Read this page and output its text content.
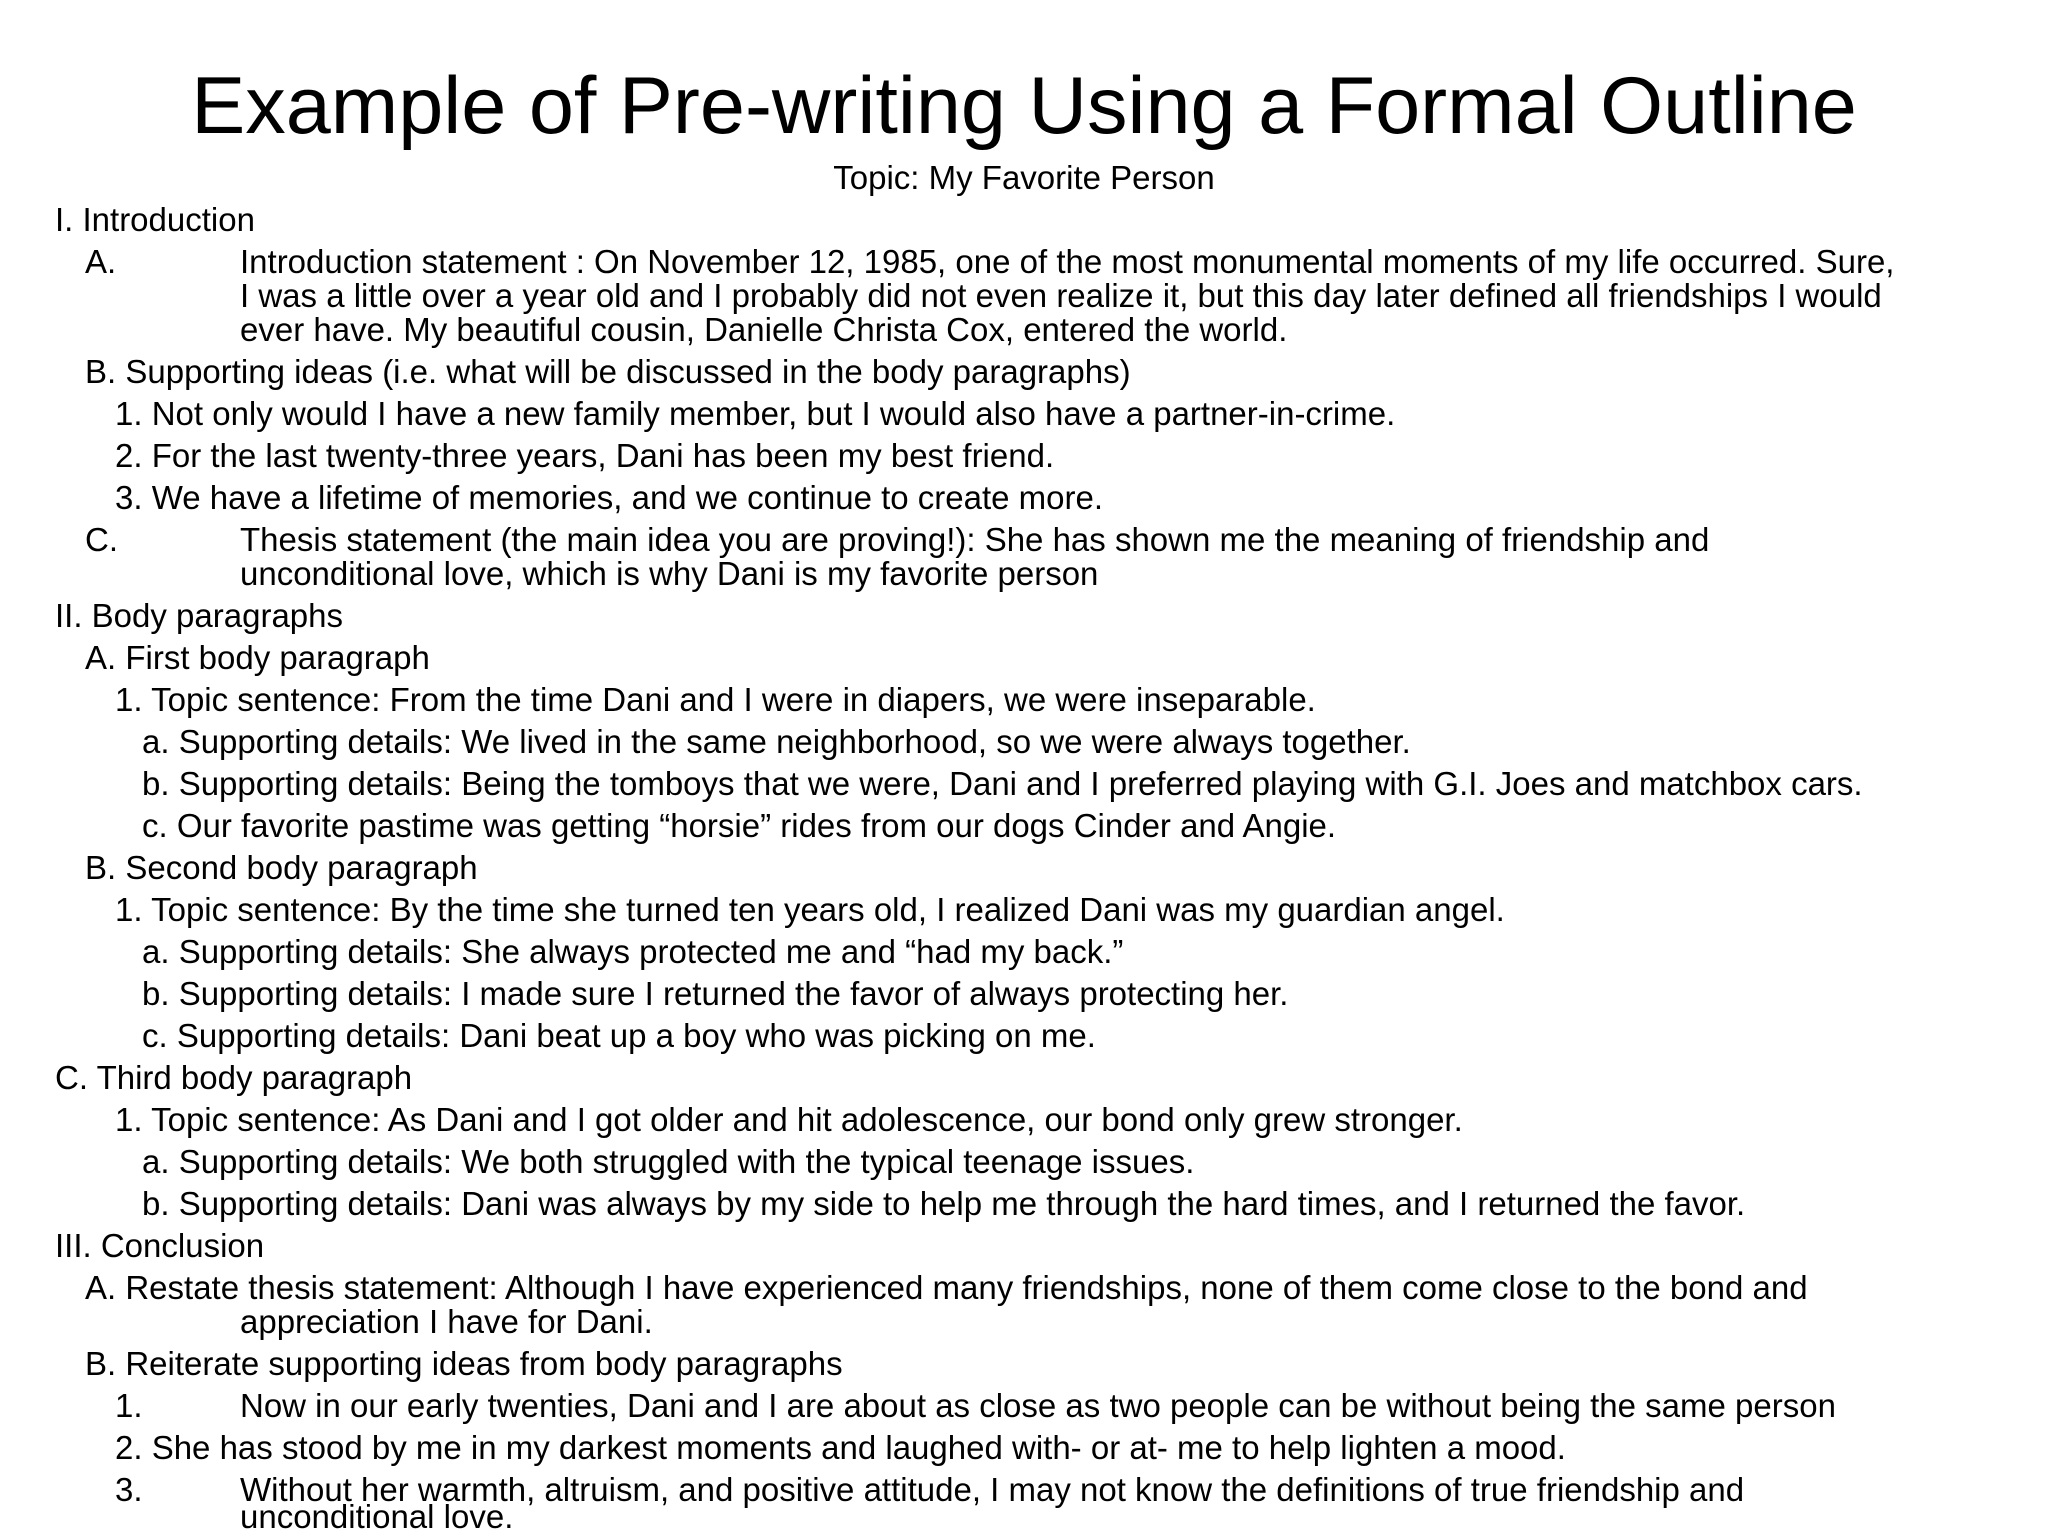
Example of Pre-writing Using a Formal Outline
Topic: My Favorite Person
I. Introduction
A.	Introduction statement : On November 12, 1985, one of the most monumental moments of my life occurred. Sure,
I was a little over a year old and I probably did not even realize it, but this day later defined all friendships I would
ever have. My beautiful cousin, Danielle Christa Cox, entered the world.
B. Supporting ideas (i.e. what will be discussed in the body paragraphs)
1. Not only would I have a new family member, but I would also have a partner-in-crime.
2. For the last twenty-three years, Dani has been my best friend.
3. We have a lifetime of memories, and we continue to create more.
C.	Thesis statement (the main idea you are proving!): She has shown me the meaning of friendship and
unconditional love, which is why Dani is my favorite person
II. Body paragraphs
A. First body paragraph
1. Topic sentence: From the time Dani and I were in diapers, we were inseparable.
a. Supporting details: We lived in the same neighborhood, so we were always together.
b. Supporting details: Being the tomboys that we were, Dani and I preferred playing with G.I. Joes and matchbox cars.
c. Our favorite pastime was getting “horsie” rides from our dogs Cinder and Angie.
B. Second body paragraph
1. Topic sentence: By the time she turned ten years old, I realized Dani was my guardian angel.
a. Supporting details: She always protected me and “had my back.”
b. Supporting details: I made sure I returned the favor of always protecting her.
c. Supporting details: Dani beat up a boy who was picking on me.
C. Third body paragraph
1. Topic sentence: As Dani and I got older and hit adolescence, our bond only grew stronger.
a. Supporting details: We both struggled with the typical teenage issues.
b. Supporting details: Dani was always by my side to help me through the hard times, and I returned the favor.
III. Conclusion
A. Restate thesis statement: Although I have experienced many friendships, none of them come close to the bond and
appreciation I have for Dani.
B. Reiterate supporting ideas from body paragraphs
1.	Now in our early twenties, Dani and I are about as close as two people can be without being the same person
2. She has stood by me in my darkest moments and laughed with- or at- me to help lighten a mood.
3.	Without her warmth, altruism, and positive attitude, I may not know the definitions of true friendship and
unconditional love.
